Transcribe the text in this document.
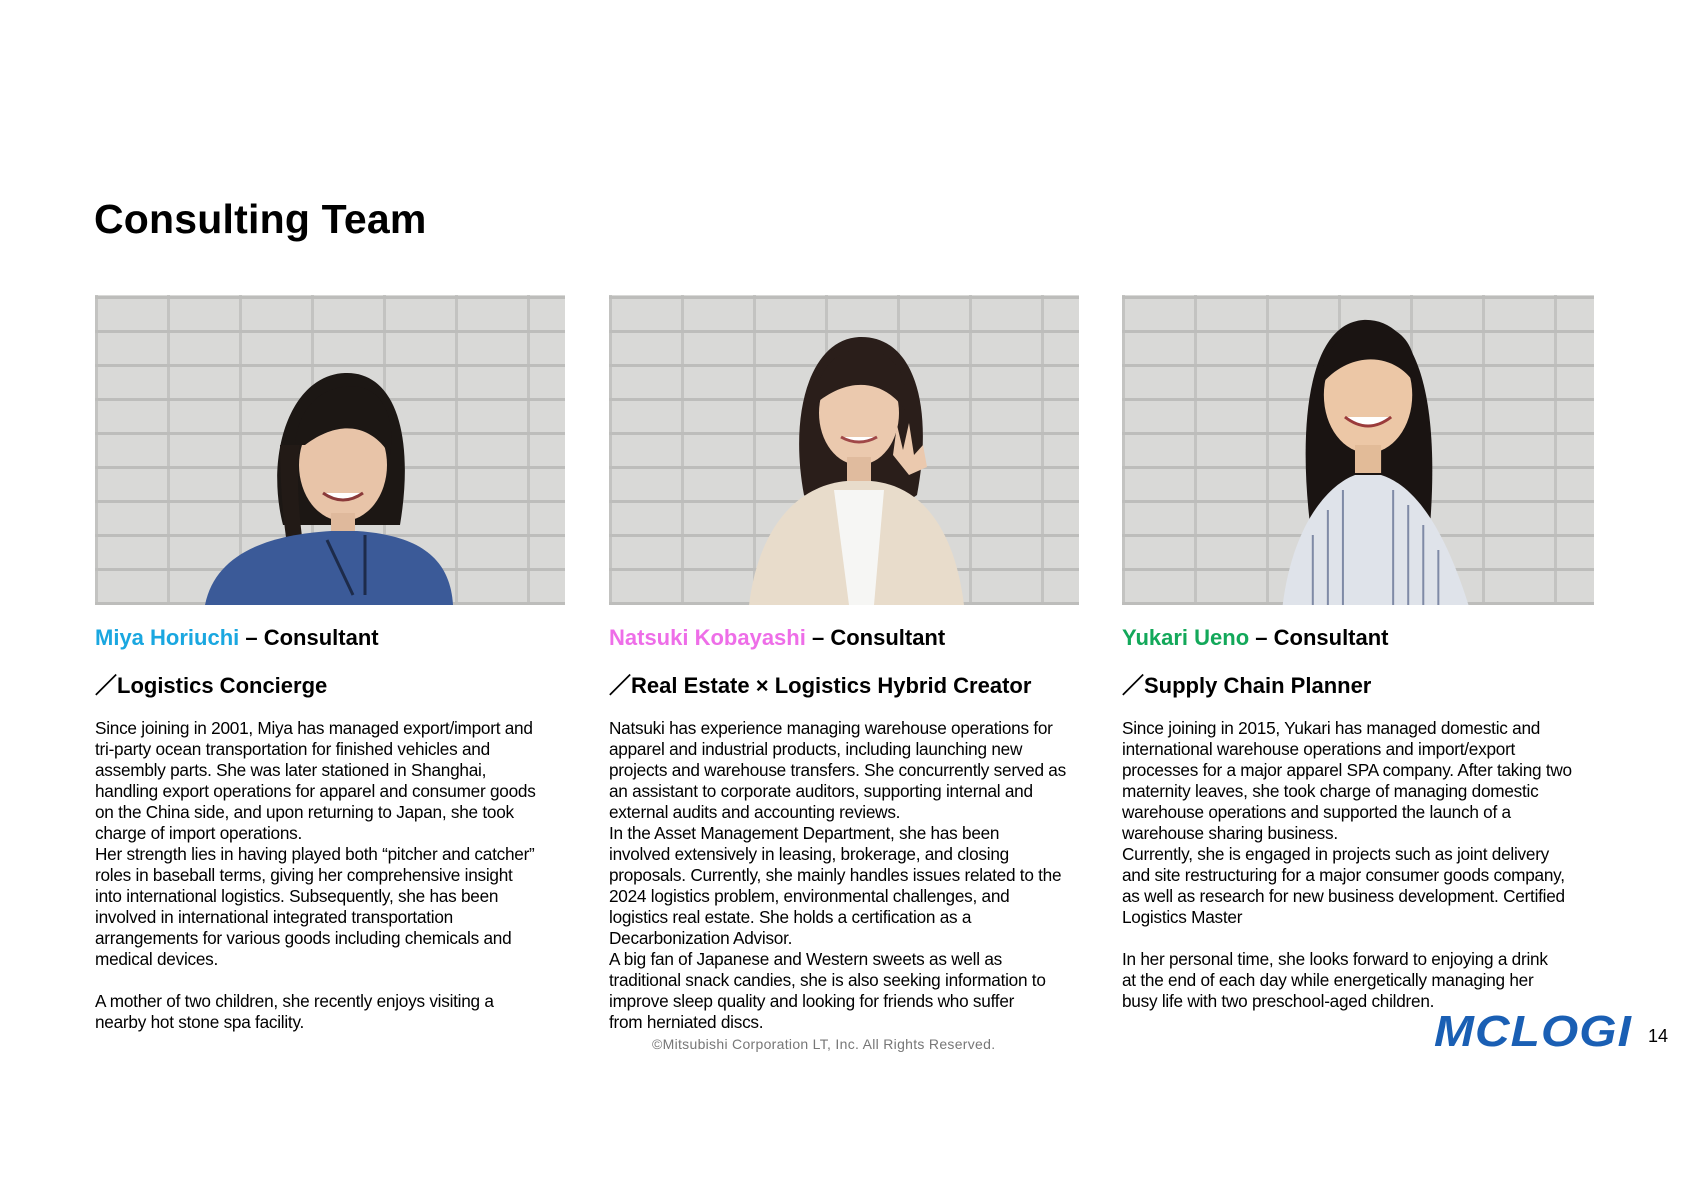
Consulting Team
Miya Horiuchi – Consultant
／Logistics Concierge
Since joining in 2001, Miya has managed export/import and
tri-party ocean transportation for finished vehicles and
assembly parts. She was later stationed in Shanghai,
handling export operations for apparel and consumer goods
on the China side, and upon returning to Japan, she took
charge of import operations.
Her strength lies in having played both “pitcher and catcher”
roles in baseball terms, giving her comprehensive insight
into international logistics. Subsequently, she has been
involved in international integrated transportation
arrangements for various goods including chemicals and
medical devices.

A mother of two children, she recently enjoys visiting a
nearby hot stone spa facility.
Natsuki Kobayashi – Consultant
／Real Estate × Logistics Hybrid Creator
Natsuki has experience managing warehouse operations for
apparel and industrial products, including launching new
projects and warehouse transfers. She concurrently served as
an assistant to corporate auditors, supporting internal and
external audits and accounting reviews.
In the Asset Management Department, she has been
involved extensively in leasing, brokerage, and closing
proposals. Currently, she mainly handles issues related to the
2024 logistics problem, environmental challenges, and
logistics real estate. She holds a certification as a
Decarbonization Advisor.
A big fan of Japanese and Western sweets as well as
traditional snack candies, she is also seeking information to
improve sleep quality and looking for friends who suffer
from herniated discs.
Yukari Ueno – Consultant
／Supply Chain Planner
Since joining in 2015, Yukari has managed domestic and
international warehouse operations and import/export
processes for a major apparel SPA company. After taking two
maternity leaves, she took charge of managing domestic
warehouse operations and supported the launch of a
warehouse sharing business.
Currently, she is engaged in projects such as joint delivery
and site restructuring for a major consumer goods company,
as well as research for new business development. Certified
Logistics Master

In her personal time, she looks forward to enjoying a drink
at the end of each day while energetically managing her
busy life with two preschool-aged children.
©Mitsubishi Corporation LT, Inc. All Rights Reserved.	MCLOGI 14
